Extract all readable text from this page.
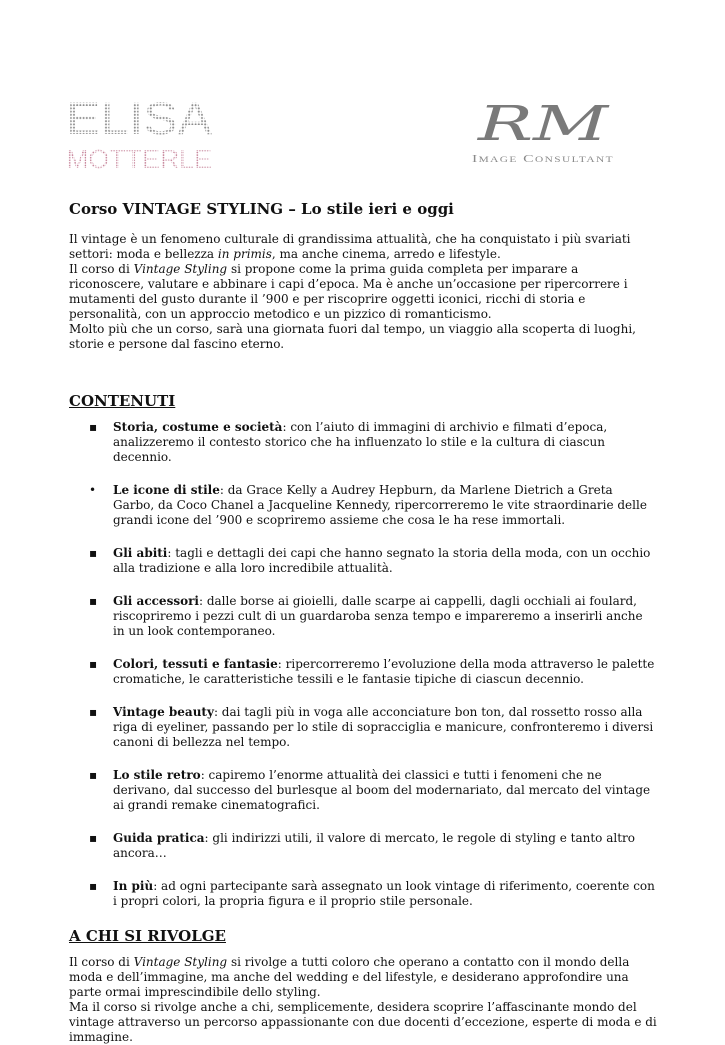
ELISA
MOTTERLE
RM
Image Consultant
Corso VINTAGE STYLING – Lo stile ieri e oggi

Il vintage è un fenomeno culturale di grandissima attualità, che ha conquistato i più svariati settori: moda e bellezza in primis, ma anche cinema, arredo e lifestyle.

Il corso di Vintage Styling si propone come la prima guida completa per imparare a riconoscere, valutare e abbinare i capi d’epoca. Ma è anche un’occasione per ripercorrere i mutamenti del gusto durante il ’900 e per riscoprire oggetti iconici, ricchi di storia e personalità, con un approccio metodico e un pizzico di romanticismo.

Molto più che un corso, sarà una giornata fuori dal tempo, un viaggio alla scoperta di luoghi, storie e persone dal fascino eterno.

CONTENUTI
▪ Storia, costume e società: con l’aiuto di immagini di archivio e filmati d’epoca, analizzeremo il contesto storico che ha influenzato lo stile e la cultura di ciascun decennio.
• Le icone di stile: da Grace Kelly a Audrey Hepburn, da Marlene Dietrich a Greta Garbo, da Coco Chanel a Jacqueline Kennedy, ripercorreremo le vite straordinarie delle grandi icone del ’900 e scopriremo assieme che cosa le ha rese immortali.
▪ Gli abiti: tagli e dettagli dei capi che hanno segnato la storia della moda, con un occhio alla tradizione e alla loro incredibile attualità.
▪ Gli accessori: dalle borse ai gioielli, dalle scarpe ai cappelli, dagli occhiali ai foulard, riscopriremo i pezzi cult di un guardaroba senza tempo e impareremo a inserirli anche in un look contemporaneo.
▪ Colori, tessuti e fantasie: ripercorreremo l’evoluzione della moda attraverso le palette cromatiche, le caratteristiche tessili e le fantasie tipiche di ciascun decennio.
▪ Vintage beauty: dai tagli più in voga alle acconciature bon ton, dal rossetto rosso alla riga di eyeliner, passando per lo stile di sopracciglia e manicure, confronteremo i diversi canoni di bellezza nel tempo.
▪ Lo stile retro: capiremo l’enorme attualità dei classici e tutti i fenomeni che ne derivano, dal successo del burlesque al boom del modernariato, dal mercato del vintage ai grandi remake cinematografici.
▪ Guida pratica: gli indirizzi utili, il valore di mercato, le regole di styling e tanto altro ancora…
▪ In più: ad ogni partecipante sarà assegnato un look vintage di riferimento, coerente con i propri colori, la propria figura e il proprio stile personale.
A CHI SI RIVOLGE

Il corso di Vintage Styling si rivolge a tutti coloro che operano a contatto con il mondo della moda e dell’immagine, ma anche del wedding e del lifestyle, e desiderano approfondire una parte ormai imprescindibile dello styling.

Ma il corso si rivolge anche a chi, semplicemente, desidera scoprire l’affascinante mondo del vintage attraverso un percorso appassionante con due docenti d’eccezione, esperte di moda e di immagine.
